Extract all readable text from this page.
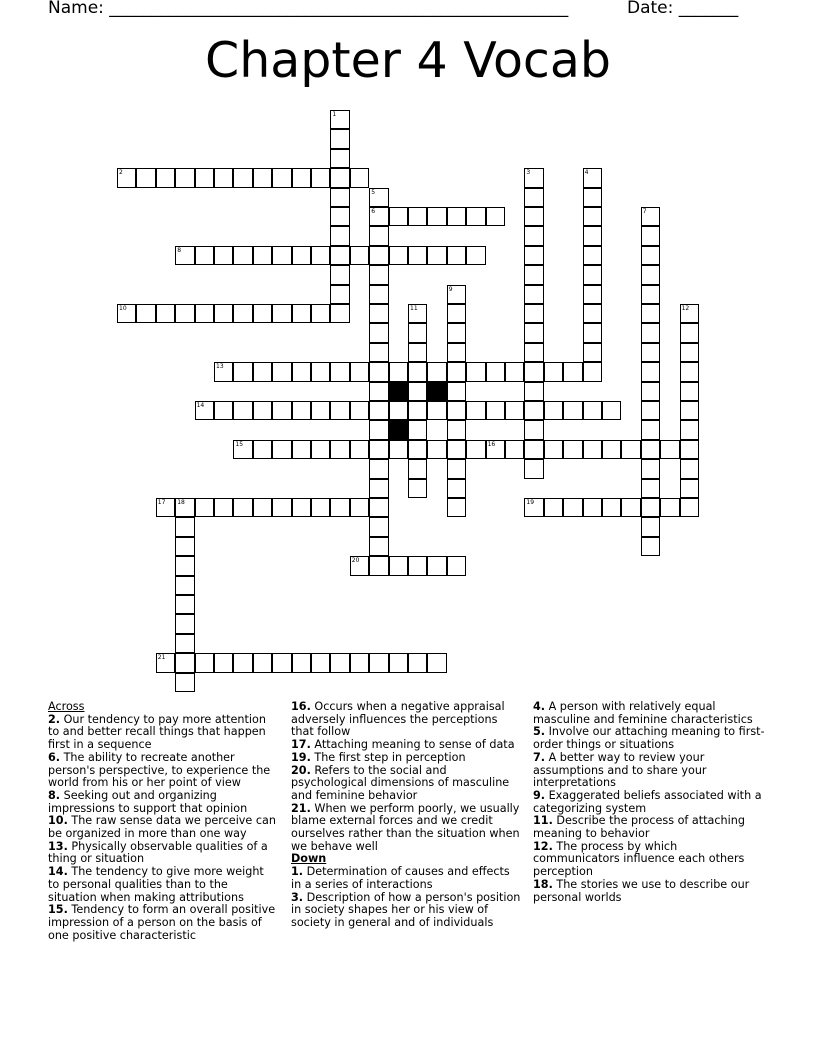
Name: ______________________________________________________	Date: _______
Chapter 4 Vocab
2
6
8
10
13
14
15	16
17 18	19
20
21
1
3	4
5
7
9
11	12
Across
2. Our tendency to pay more attention to and better recall things that happen first in a sequence
6. The ability to recreate another person's perspective, to experience the world from his or her point of view
8. Seeking out and organizing impressions to support that opinion
10. The raw sense data we perceive can be organized in more than one way
13. Physically observable qualities of a thing or situation
14. The tendency to give more weight to personal qualities than to the situation when making attributions
15. Tendency to form an overall positive impression of a person on the basis of one positive characteristic
16. Occurs when a negative appraisal adversely influences the perceptions that follow
17. Attaching meaning to sense of data
19. The first step in perception
20. Refers to the social and psychological dimensions of masculine and feminine behavior
21. When we perform poorly, we usually blame external forces and we credit ourselves rather than the situation when we behave well
Down
1. Determination of causes and effects in a series of interactions
3. Description of how a person's position in society shapes her or his view of society in general and of individuals
4. A person with relatively equal masculine and feminine characteristics
5. Involve our attaching meaning to first-order things or situations
7. A better way to review your assumptions and to share your interpretations
9. Exaggerated beliefs associated with a categorizing system
11. Describe the process of attaching meaning to behavior
12. The process by which communicators influence each others perception
18. The stories we use to describe our personal worlds
